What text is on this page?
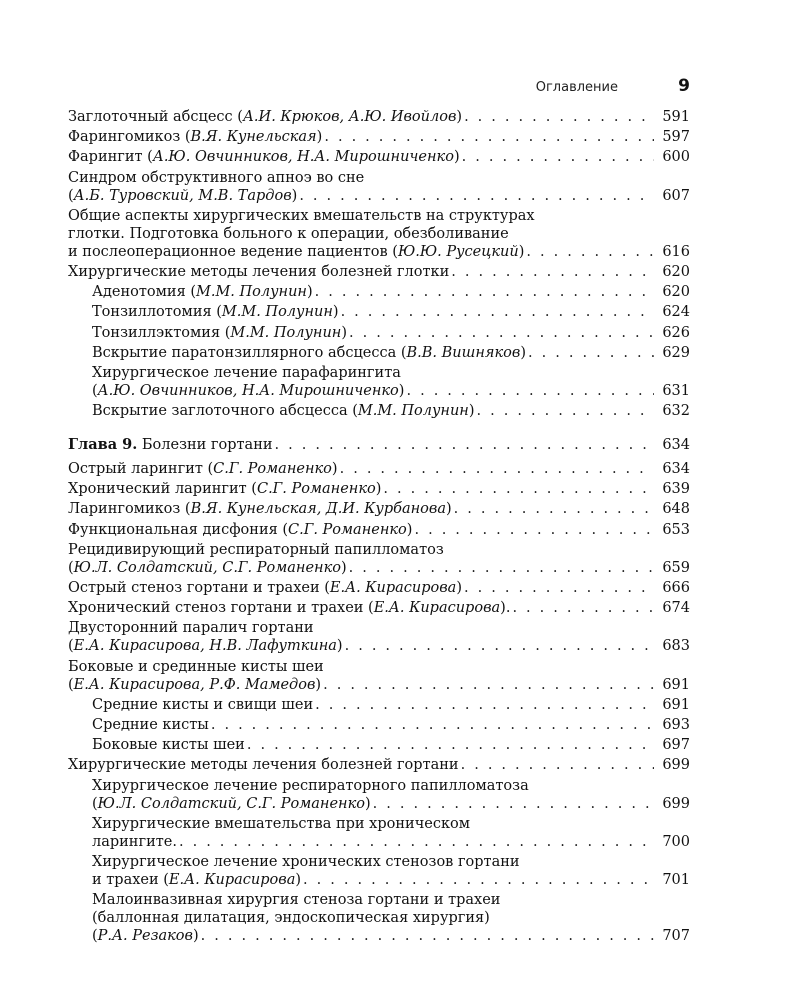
Оглавление	9
Заглоточный абсцесс (А.И. Крюков, А.Ю. Ивойлов) . . .	591
Фарингомикоз (В.Я. Кунельская) . . .	597
Фарингит (А.Ю. Овчинников, Н.А. Мирошниченко) . . .	600
Синдром обструктивного апноэ во сне
(А.Б. Туровский, М.В. Тардов) . . .	607
Общие аспекты хирургических вмешательств на структурах
глотки. Подготовка больного к операции, обезболивание
и послеоперационное ведение пациентов (Ю.Ю. Русецкий) . . .	616
Хирургические методы лечения болезней глотки . . .	620
Аденотомия (М.М. Полунин) . . .	620
Тонзиллотомия (М.М. Полунин) . . .	624
Тонзиллэктомия (М.М. Полунин) . . .	626
Вскрытие паратонзиллярного абсцесса (В.В. Вишняков) . . .	629
Хирургическое лечение парафарингита
(А.Ю. Овчинников, Н.А. Мирошниченко) . . .	631
Вскрытие заглоточного абсцесса (М.М. Полунин) . . .	632
Глава 9. Болезни гортани . . .	634
Острый ларингит (С.Г. Романенко) . . .	634
Хронический ларингит (С.Г. Романенко) . . .	639
Ларингомикоз (В.Я. Кунельская, Д.И. Курбанова) . . .	648
Функциональная дисфония (С.Г. Романенко) . . .	653
Рецидивирующий респираторный папилломатоз
(Ю.Л. Солдатский, С.Г. Романенко) . . .	659
Острый стеноз гортани и трахеи (Е.А. Кирасирова) . . .	666
Хронический стеноз гортани и трахеи (Е.А. Кирасирова). . . .	674
Двусторонний паралич гортани
(Е.А. Кирасирова, Н.В. Лафуткина) . . .	683
Боковые и срединные кисты шеи
(Е.А. Кирасирова, Р.Ф. Мамедов) . . .	691
Средние кисты и свищи шеи . . .	691
Средние кисты . . .	693
Боковые кисты шеи . . .	697
Хирургические методы лечения болезней гортани . . .	699
Хирургическое лечение респираторного папилломатоза
(Ю.Л. Солдатский, С.Г. Романенко) . . .	699
Хирургические вмешательства при хроническом
ларингите. . . .	700
Хирургическое лечение хронических стенозов гортани
и трахеи (Е.А. Кирасирова) . . .	701
Малоинвазивная хирургия стеноза гортани и трахеи
(баллонная дилатация, эндоскопическая хирургия)
(Р.А. Резаков) . . .	707
